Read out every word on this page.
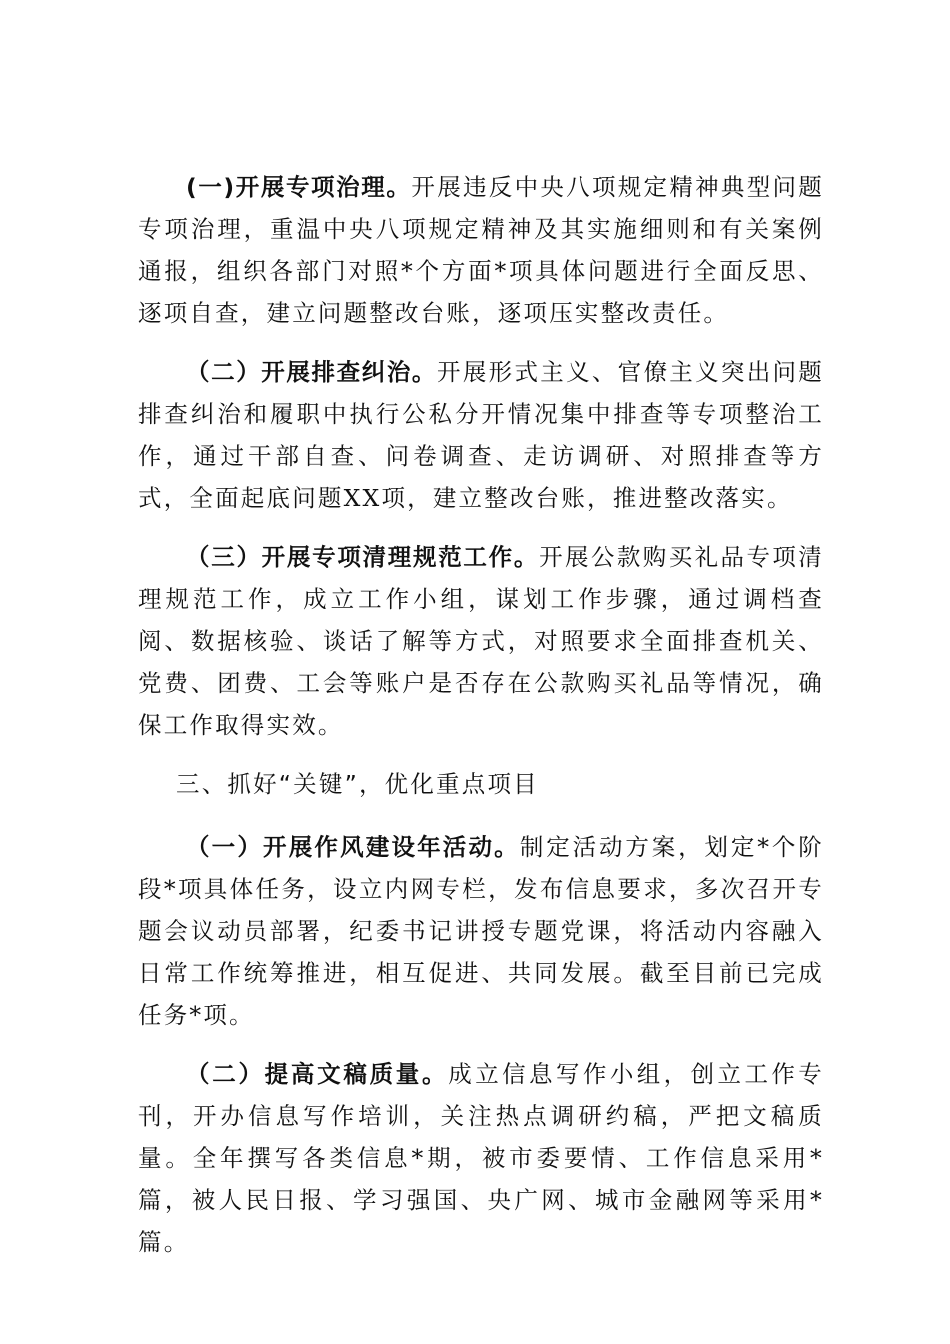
(一)开展专项治理。开展违反中央八项规定精神典型问题专项治理，重温中央八项规定精神及其实施细则和有关案例通报，组织各部门对照*个方面*项具体问题进行全面反思、逐项自查，建立问题整改台账，逐项压实整改责任。

（二）开展排查纠治。开展形式主义、官僚主义突出问题排查纠治和履职中执行公私分开情况集中排查等专项整治工作，通过干部自查、问卷调查、走访调研、对照排查等方式，全面起底问题XX项，建立整改台账，推进整改落实。

（三）开展专项清理规范工作。开展公款购买礼品专项清理规范工作，成立工作小组，谋划工作步骤，通过调档查阅、数据核验、谈话了解等方式，对照要求全面排查机关、党费、团费、工会等账户是否存在公款购买礼品等情况，确保工作取得实效。

三、抓好“关键”，优化重点项目

（一）开展作风建设年活动。制定活动方案，划定*个阶段*项具体任务，设立内网专栏，发布信息要求，多次召开专题会议动员部署，纪委书记讲授专题党课，将活动内容融入日常工作统筹推进，相互促进、共同发展。截至目前已完成任务*项。

（二）提高文稿质量。成立信息写作小组，创立工作专刊，开办信息写作培训，关注热点调研约稿，严把文稿质量。全年撰写各类信息*期，被市委要情、工作信息采用*篇，被人民日报、学习强国、央广网、城市金融网等采用*篇。
